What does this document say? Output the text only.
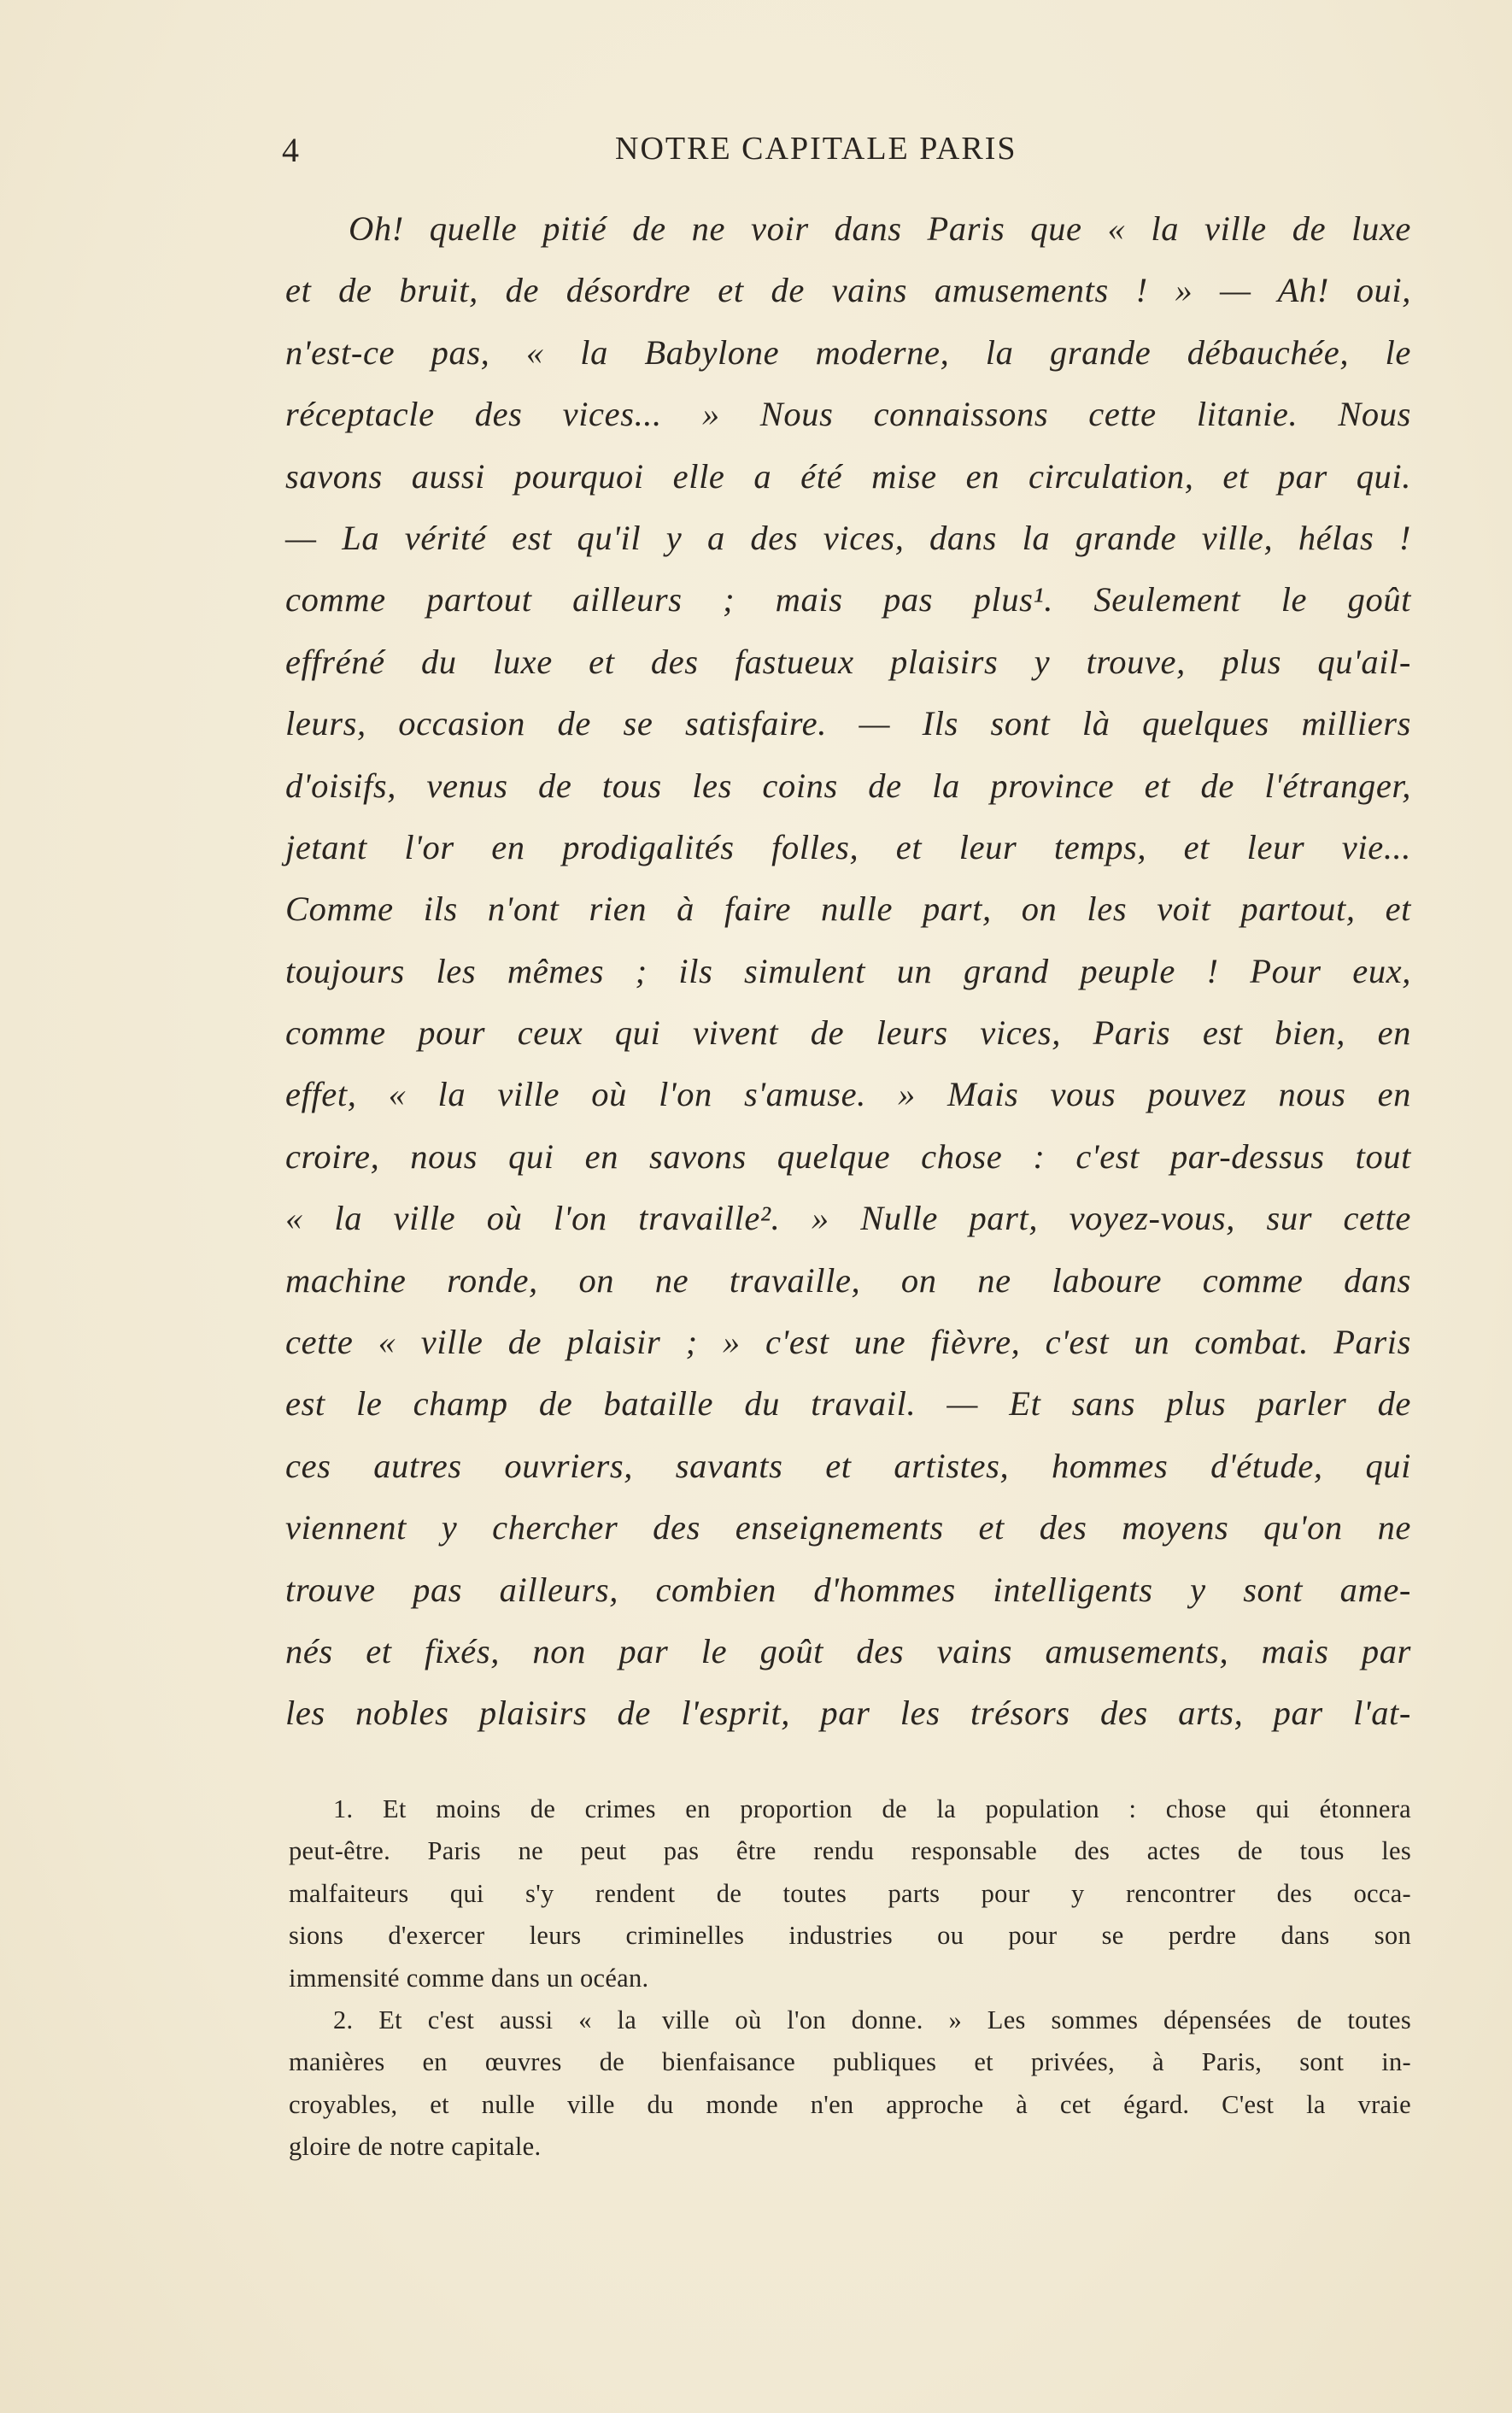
4	NOTRE CAPITALE PARIS
Oh! quelle pitié de ne voir dans Paris que « la ville de luxe
et de bruit, de désordre et de vains amusements ! » — Ah! oui,
n'est-ce pas, « la Babylone moderne, la grande débauchée, le
réceptacle des vices... » Nous connaissons cette litanie. Nous
savons aussi pourquoi elle a été mise en circulation, et par qui.
— La vérité est qu'il y a des vices, dans la grande ville, hélas !
comme partout ailleurs ; mais pas plus¹. Seulement le goût
effréné du luxe et des fastueux plaisirs y trouve, plus qu'ail-
leurs, occasion de se satisfaire. — Ils sont là quelques milliers
d'oisifs, venus de tous les coins de la province et de l'étranger,
jetant l'or en prodigalités folles, et leur temps, et leur vie...
Comme ils n'ont rien à faire nulle part, on les voit partout, et
toujours les mêmes ; ils simulent un grand peuple ! Pour eux,
comme pour ceux qui vivent de leurs vices, Paris est bien, en
effet, « la ville où l'on s'amuse. » Mais vous pouvez nous en
croire, nous qui en savons quelque chose : c'est par-dessus tout
« la ville où l'on travaille². » Nulle part, voyez-vous, sur cette
machine ronde, on ne travaille, on ne laboure comme dans
cette « ville de plaisir ; » c'est une fièvre, c'est un combat. Paris
est le champ de bataille du travail. — Et sans plus parler de
ces autres ouvriers, savants et artistes, hommes d'étude, qui
viennent y chercher des enseignements et des moyens qu'on ne
trouve pas ailleurs, combien d'hommes intelligents y sont ame-
nés et fixés, non par le goût des vains amusements, mais par
les nobles plaisirs de l'esprit, par les trésors des arts, par l'at-
1. Et moins de crimes en proportion de la population : chose qui étonnera
peut-être. Paris ne peut pas être rendu responsable des actes de tous les
malfaiteurs qui s'y rendent de toutes parts pour y rencontrer des occa-
sions d'exercer leurs criminelles industries ou pour se perdre dans son
immensité comme dans un océan.
2. Et c'est aussi « la ville où l'on donne. » Les sommes dépensées de toutes
manières en œuvres de bienfaisance publiques et privées, à Paris, sont in-
croyables, et nulle ville du monde n'en approche à cet égard. C'est la vraie
gloire de notre capitale.
